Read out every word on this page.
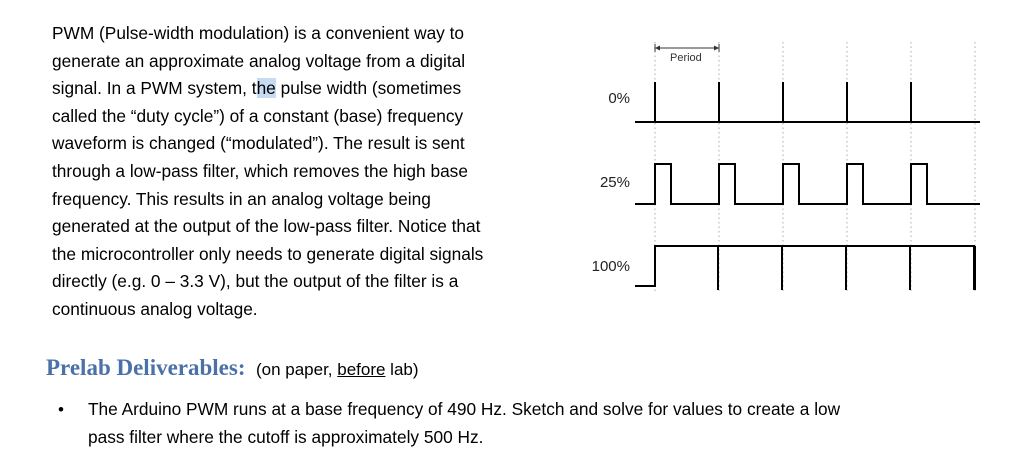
PWM (Pulse-width modulation) is a convenient way to
generate an approximate analog voltage from a digital
signal. In a PWM system, the pulse width (sometimes
called the “duty cycle”) of a constant (base) frequency
waveform is changed (“modulated”). The result is sent
through a low-pass filter, which removes the high base
frequency. This results in an analog voltage being
generated at the output of the low-pass filter. Notice that
the microcontroller only needs to generate digital signals
directly (e.g. 0 – 3.3 V), but the output of the filter is a
continuous analog voltage.
Period
0%
25%
100%
Prelab Deliverables: (on paper, before lab)
• The Arduino PWM runs at a base frequency of 490 Hz. Sketch and solve for values to create a low
pass filter where the cutoff is approximately 500 Hz.
